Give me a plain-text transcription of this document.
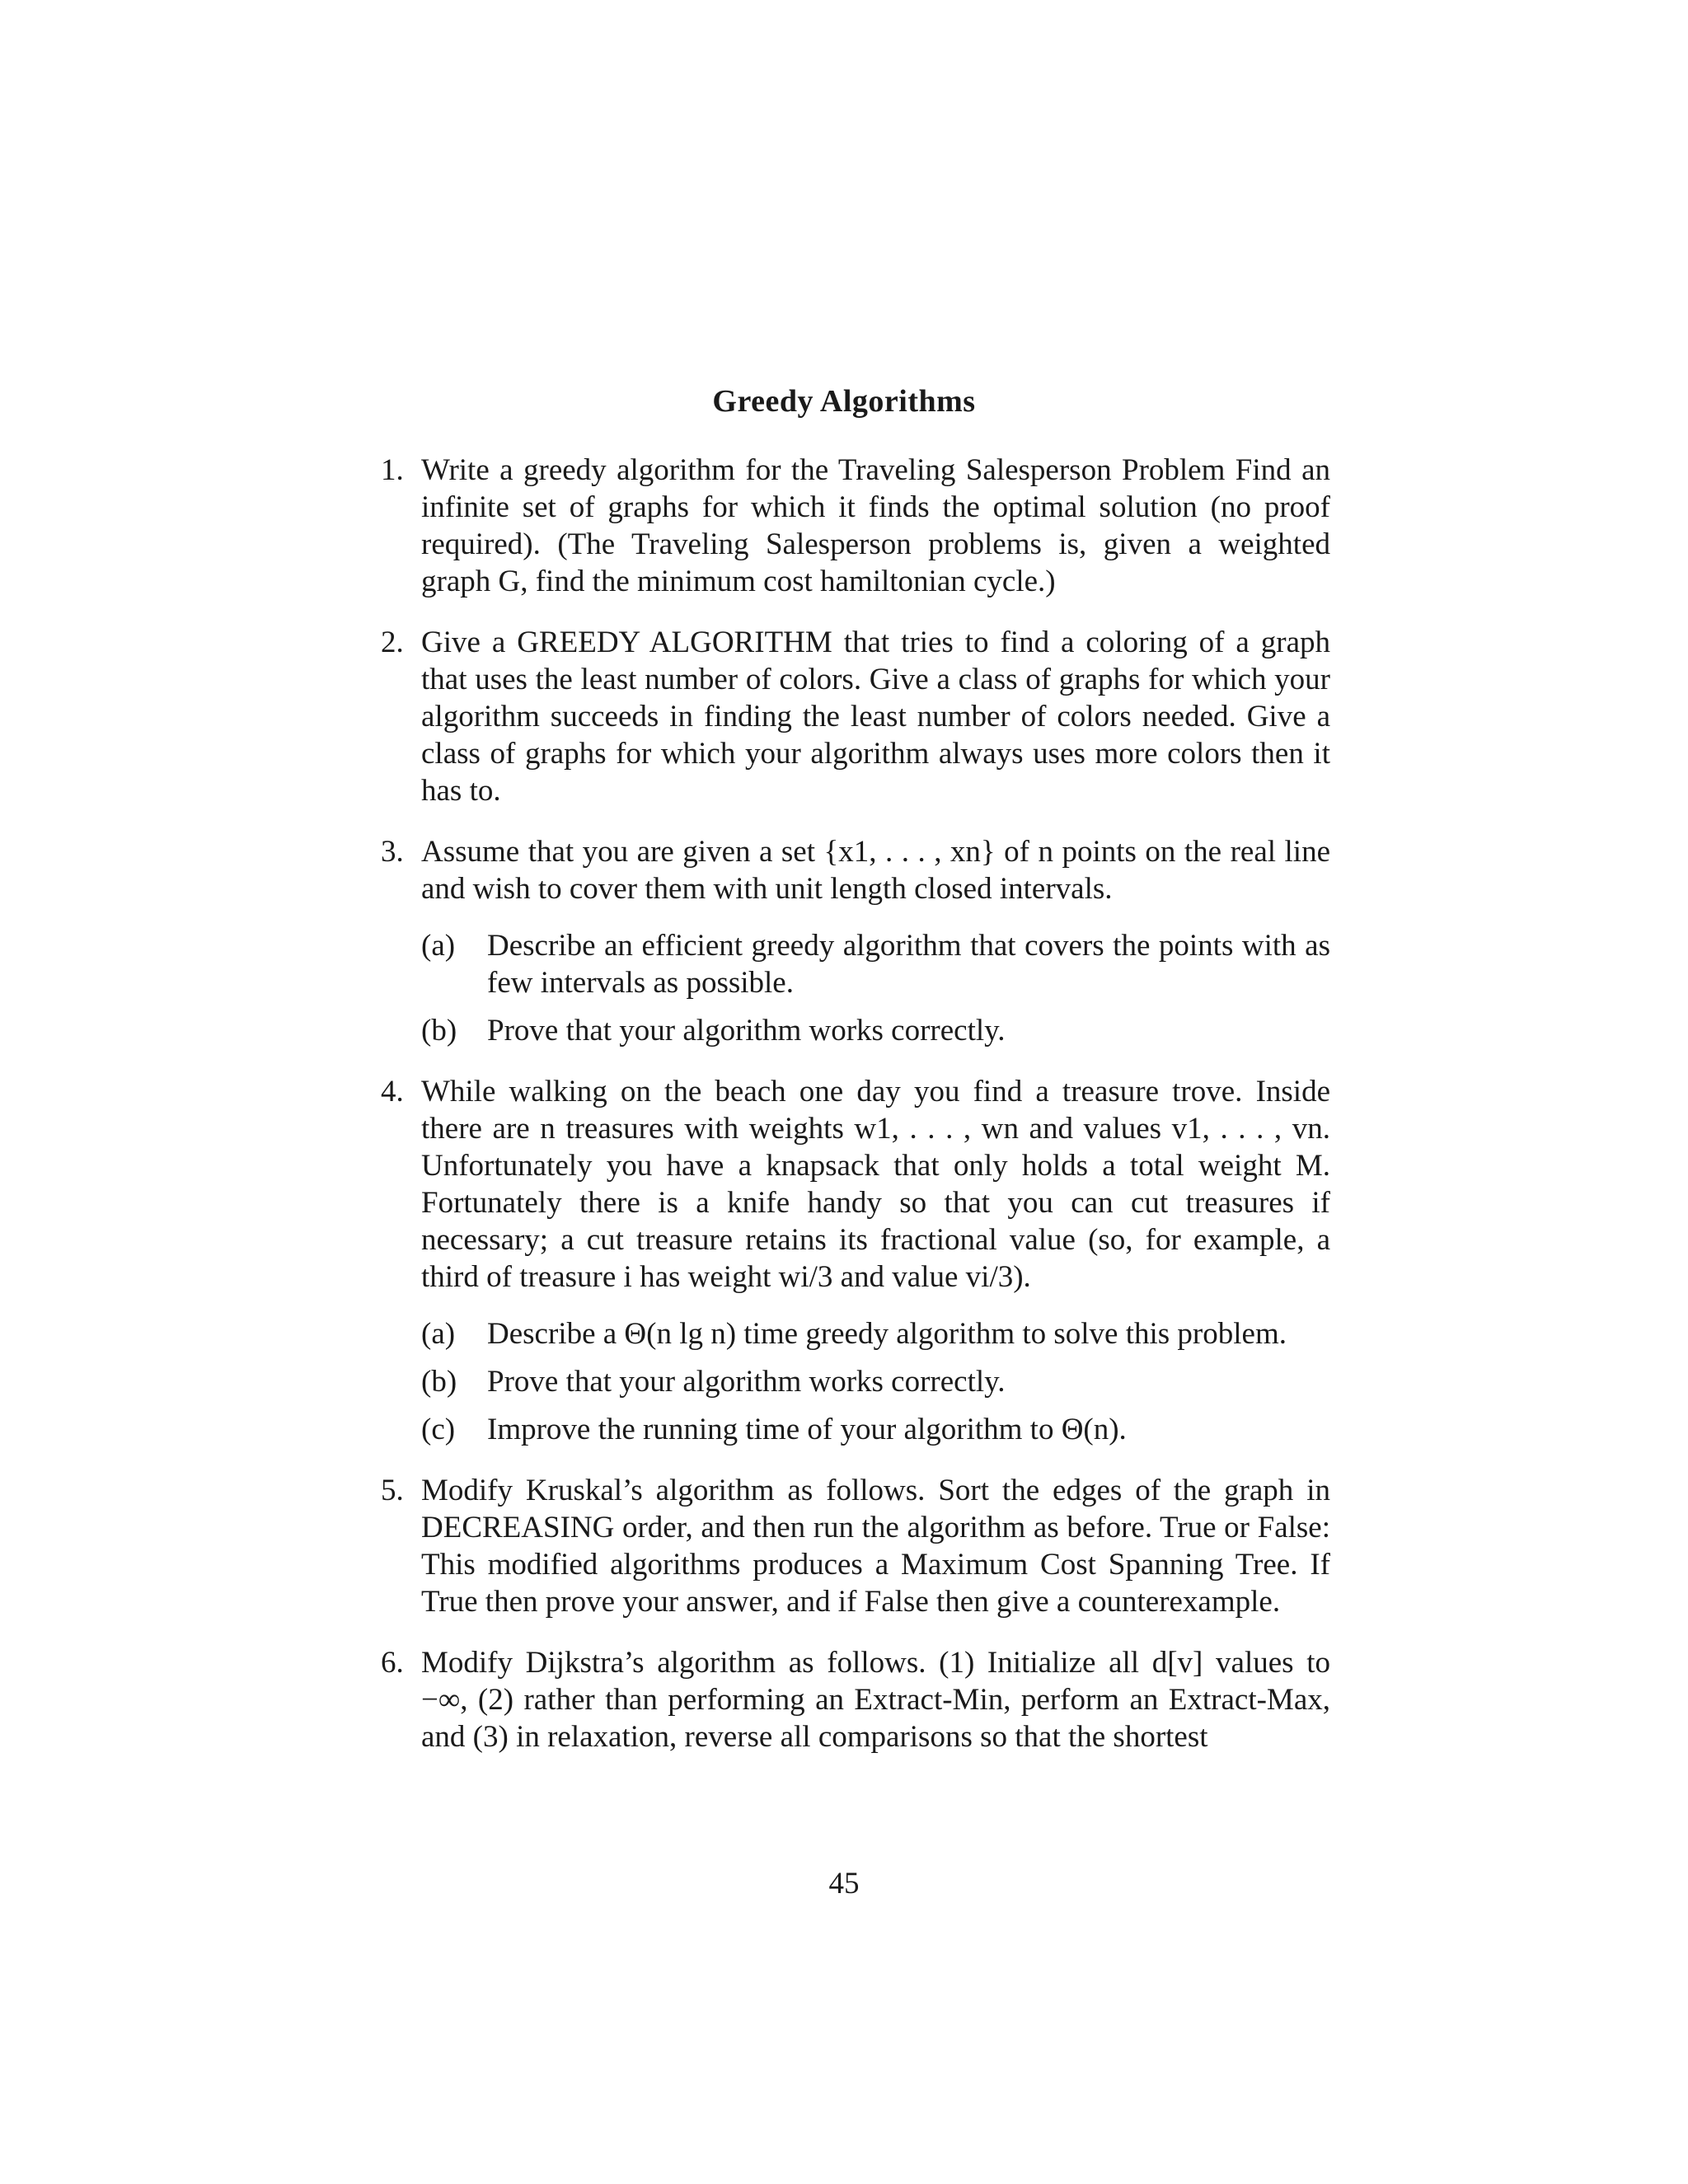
Greedy Algorithms
1. Write a greedy algorithm for the Traveling Salesperson Problem Find an infinite set of graphs for which it finds the optimal solution (no proof required). (The Traveling Salesperson problems is, given a weighted graph G, find the minimum cost hamiltonian cycle.)
2. Give a GREEDY ALGORITHM that tries to find a coloring of a graph that uses the least number of colors. Give a class of graphs for which your algorithm succeeds in finding the least number of colors needed. Give a class of graphs for which your algorithm always uses more colors then it has to.
3. Assume that you are given a set {x1, . . . , xn} of n points on the real line and wish to cover them with unit length closed intervals.
(a) Describe an efficient greedy algorithm that covers the points with as few intervals as possible.
(b) Prove that your algorithm works correctly.
4. While walking on the beach one day you find a treasure trove. Inside there are n treasures with weights w1, . . . , wn and values v1, . . . , vn. Unfortunately you have a knapsack that only holds a total weight M. Fortunately there is a knife handy so that you can cut treasures if necessary; a cut treasure retains its fractional value (so, for example, a third of treasure i has weight wi/3 and value vi/3).
(a) Describe a Θ(n lg n) time greedy algorithm to solve this problem.
(b) Prove that your algorithm works correctly.
(c) Improve the running time of your algorithm to Θ(n).
5. Modify Kruskal’s algorithm as follows. Sort the edges of the graph in DECREASING order, and then run the algorithm as before. True or False: This modified algorithms produces a Maximum Cost Spanning Tree. If True then prove your answer, and if False then give a counterexample.
6. Modify Dijkstra’s algorithm as follows. (1) Initialize all d[v] values to −∞, (2) rather than performing an Extract-Min, perform an Extract-Max, and (3) in relaxation, reverse all comparisons so that the shortest
45
